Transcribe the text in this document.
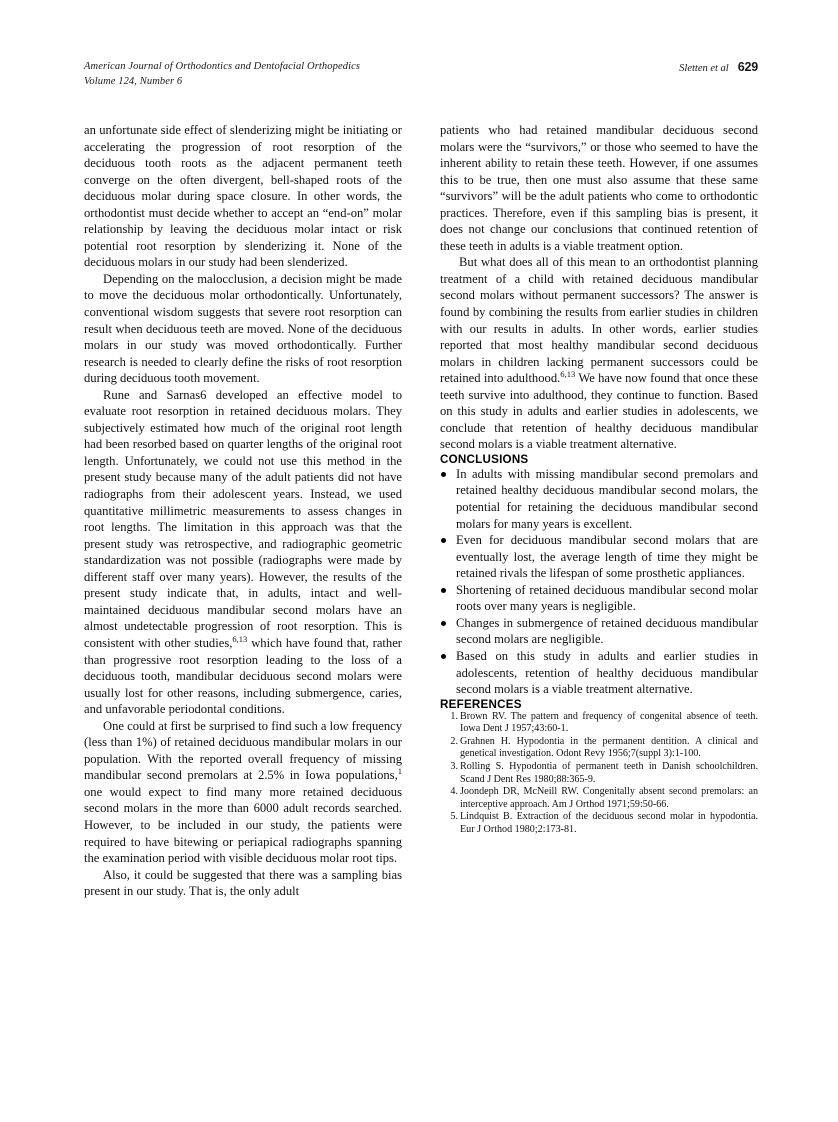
American Journal of Orthodontics and Dentofacial Orthopedics
Volume 124, Number 6
Sletten et al 629

an unfortunate side effect of slenderizing might be initiating or accelerating the progression of root resorption of the deciduous tooth roots as the adjacent permanent teeth converge on the often divergent, bell-shaped roots of the deciduous molar during space closure. In other words, the orthodontist must decide whether to accept an “end-on” molar relationship by leaving the deciduous molar intact or risk potential root resorption by slenderizing it. None of the deciduous molars in our study had been slenderized.

Depending on the malocclusion, a decision might be made to move the deciduous molar orthodontically. Unfortunately, conventional wisdom suggests that severe root resorption can result when deciduous teeth are moved. None of the deciduous molars in our study was moved orthodontically. Further research is needed to clearly define the risks of root resorption during deciduous tooth movement.

Rune and Sarnas6 developed an effective model to evaluate root resorption in retained deciduous molars. They subjectively estimated how much of the original root length had been resorbed based on quarter lengths of the original root length. Unfortunately, we could not use this method in the present study because many of the adult patients did not have radiographs from their adolescent years. Instead, we used quantitative millimetric measurements to assess changes in root lengths. The limitation in this approach was that the present study was retrospective, and radiographic geometric standardization was not possible (radiographs were made by different staff over many years). However, the results of the present study indicate that, in adults, intact and well-maintained deciduous mandibular second molars have an almost undetectable progression of root resorption. This is consistent with other studies,$^{6,13}$ which have found that, rather than progressive root resorption leading to the loss of a deciduous tooth, mandibular deciduous second molars were usually lost for other reasons, including submergence, caries, and unfavorable periodontal conditions.

One could at first be surprised to find such a low frequency (less than 1%) of retained deciduous mandibular molars in our population. With the reported overall frequency of missing mandibular second premolars at 2.5% in Iowa populations,$^1$ one would expect to find many more retained deciduous second molars in the more than 6000 adult records searched. However, to be included in our study, the patients were required to have bitewing or periapical radiographs spanning the examination period with visible deciduous molar root tips.

Also, it could be suggested that there was a sampling bias present in our study. That is, the only adult

patients who had retained mandibular deciduous second molars were the “survivors,” or those who seemed to have the inherent ability to retain these teeth. However, if one assumes this to be true, then one must also assume that these same “survivors” will be the adult patients who come to orthodontic practices. Therefore, even if this sampling bias is present, it does not change our conclusions that continued retention of these teeth in adults is a viable treatment option.

But what does all of this mean to an orthodontist planning treatment of a child with retained deciduous mandibular second molars without permanent successors? The answer is found by combining the results from earlier studies in children with our results in adults. In other words, earlier studies reported that most healthy mandibular second deciduous molars in children lacking permanent successors could be retained into adulthood.$^{6,13}$ We have now found that once these teeth survive into adulthood, they continue to function. Based on this study in adults and earlier studies in adolescents, we conclude that retention of healthy deciduous mandibular second molars is a viable treatment alternative.

CONCLUSIONS
In adults with missing mandibular second premolars and retained healthy deciduous mandibular second molars, the potential for retaining the deciduous mandibular second molars for many years is excellent.
Even for deciduous mandibular second molars that are eventually lost, the average length of time they might be retained rivals the lifespan of some prosthetic appliances.
Shortening of retained deciduous mandibular second molar roots over many years is negligible.
Changes in submergence of retained deciduous mandibular second molars are negligible.
Based on this study in adults and earlier studies in adolescents, retention of healthy deciduous mandibular second molars is a viable treatment alternative.
REFERENCES
1. Brown RV. The pattern and frequency of congenital absence of teeth. Iowa Dent J 1957;43:60-1.
2. Grahnen H. Hypodontia in the permanent dentition. A clinical and genetical investigation. Odont Revy 1956;7(suppl 3):1-100.
3. Rolling S. Hypodontia of permanent teeth in Danish schoolchildren. Scand J Dent Res 1980;88:365-9.
4. Joondeph DR, McNeill RW. Congenitally absent second premolars: an interceptive approach. Am J Orthod 1971;59:50-66.
5. Lindquist B. Extraction of the deciduous second molar in hypodontia. Eur J Orthod 1980;2:173-81.
